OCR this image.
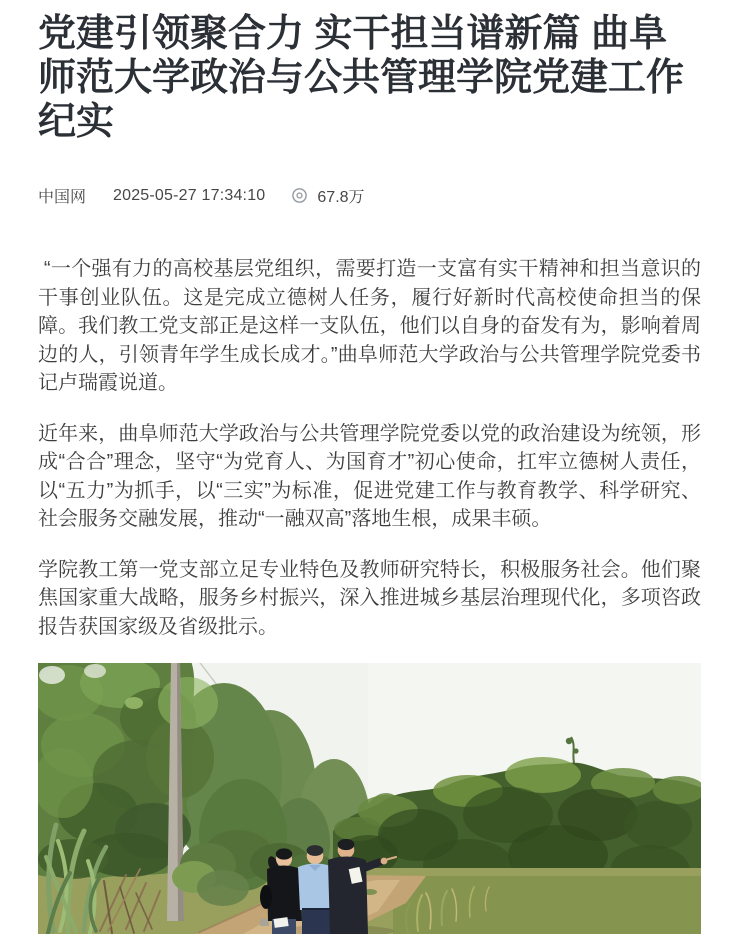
党建引领聚合力 实干担当谱新篇 曲阜师范大学政治与公共管理学院党建工作纪实
中国网 2025-05-27 17:34:10	67.8万

“一个强有力的高校基层党组织，需要打造一支富有实干精神和担当意识的干事创业队伍。这是完成立德树人任务，履行好新时代高校使命担当的保障。我们教工党支部正是这样一支队伍，他们以自身的奋发有为，影响着周边的人，引领青年学生成长成才。”曲阜师范大学政治与公共管理学院党委书记卢瑞霞说道。

近年来，曲阜师范大学政治与公共管理学院党委以党的政治建设为统领，形成“合合”理念，坚守“为党育人、为国育才”初心使命，扛牢立德树人责任，以“五力”为抓手，以“三实”为标准，促进党建工作与教育教学、科学研究、社会服务交融发展，推动“一融双高”落地生根，成果丰硕。

学院教工第一党支部立足专业特色及教师研究特长，积极服务社会。他们聚焦国家重大战略，服务乡村振兴，深入推进城乡基层治理现代化，多项咨政报告获国家级及省级批示。
